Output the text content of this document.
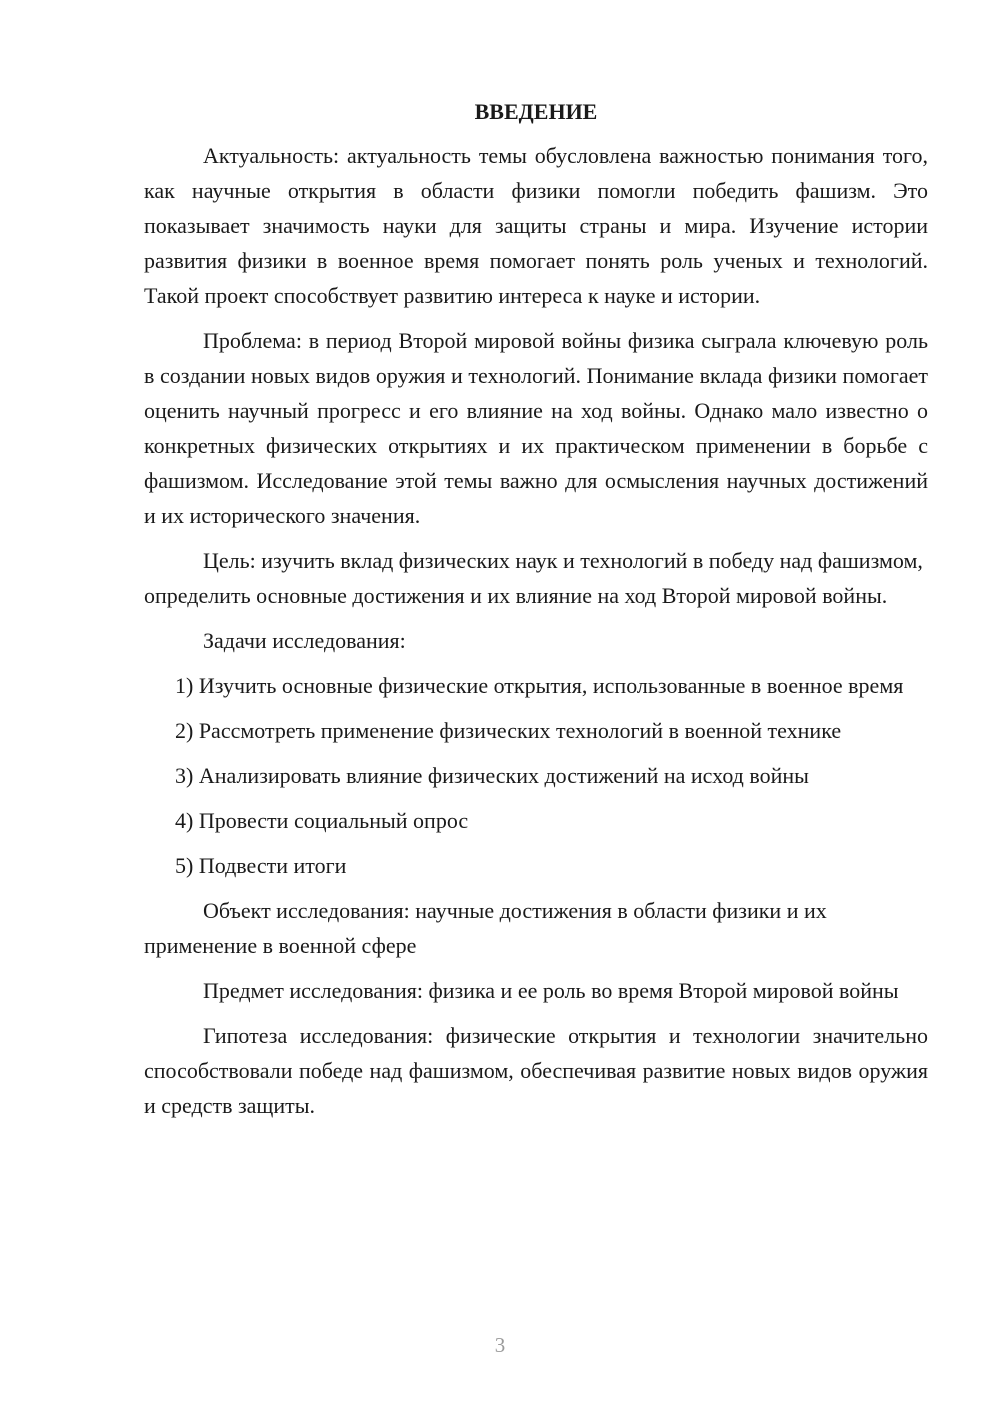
ВВЕДЕНИЕ

Актуальность: актуальность темы обусловлена важностью понимания того, как научные открытия в области физики помогли победить фашизм. Это показывает значимость науки для защиты страны и мира. Изучение истории развития физики в военное время помогает понять роль ученых и технологий. Такой проект способствует развитию интереса к науке и истории.

Проблема: в период Второй мировой войны физика сыграла ключевую роль в создании новых видов оружия и технологий. Понимание вклада физики помогает оценить научный прогресс и его влияние на ход войны. Однако мало известно о конкретных физических открытиях и их практическом применении в борьбе с фашизмом. Исследование этой темы важно для осмысления научных достижений и их исторического значения.

Цель: изучить вклад физических наук и технологий в победу над фашизмом, определить основные достижения и их влияние на ход Второй мировой войны.

Задачи исследования:

1) Изучить основные физические открытия, использованные в военное время

2) Рассмотреть применение физических технологий в военной технике

3) Анализировать влияние физических достижений на исход войны

4) Провести социальный опрос

5) Подвести итоги

Объект исследования: научные достижения в области физики и их применение в военной сфере

Предмет исследования: физика и ее роль во время Второй мировой войны

Гипотеза исследования: физические открытия и технологии значительно способствовали победе над фашизмом, обеспечивая развитие новых видов оружия и средств защиты.

3
